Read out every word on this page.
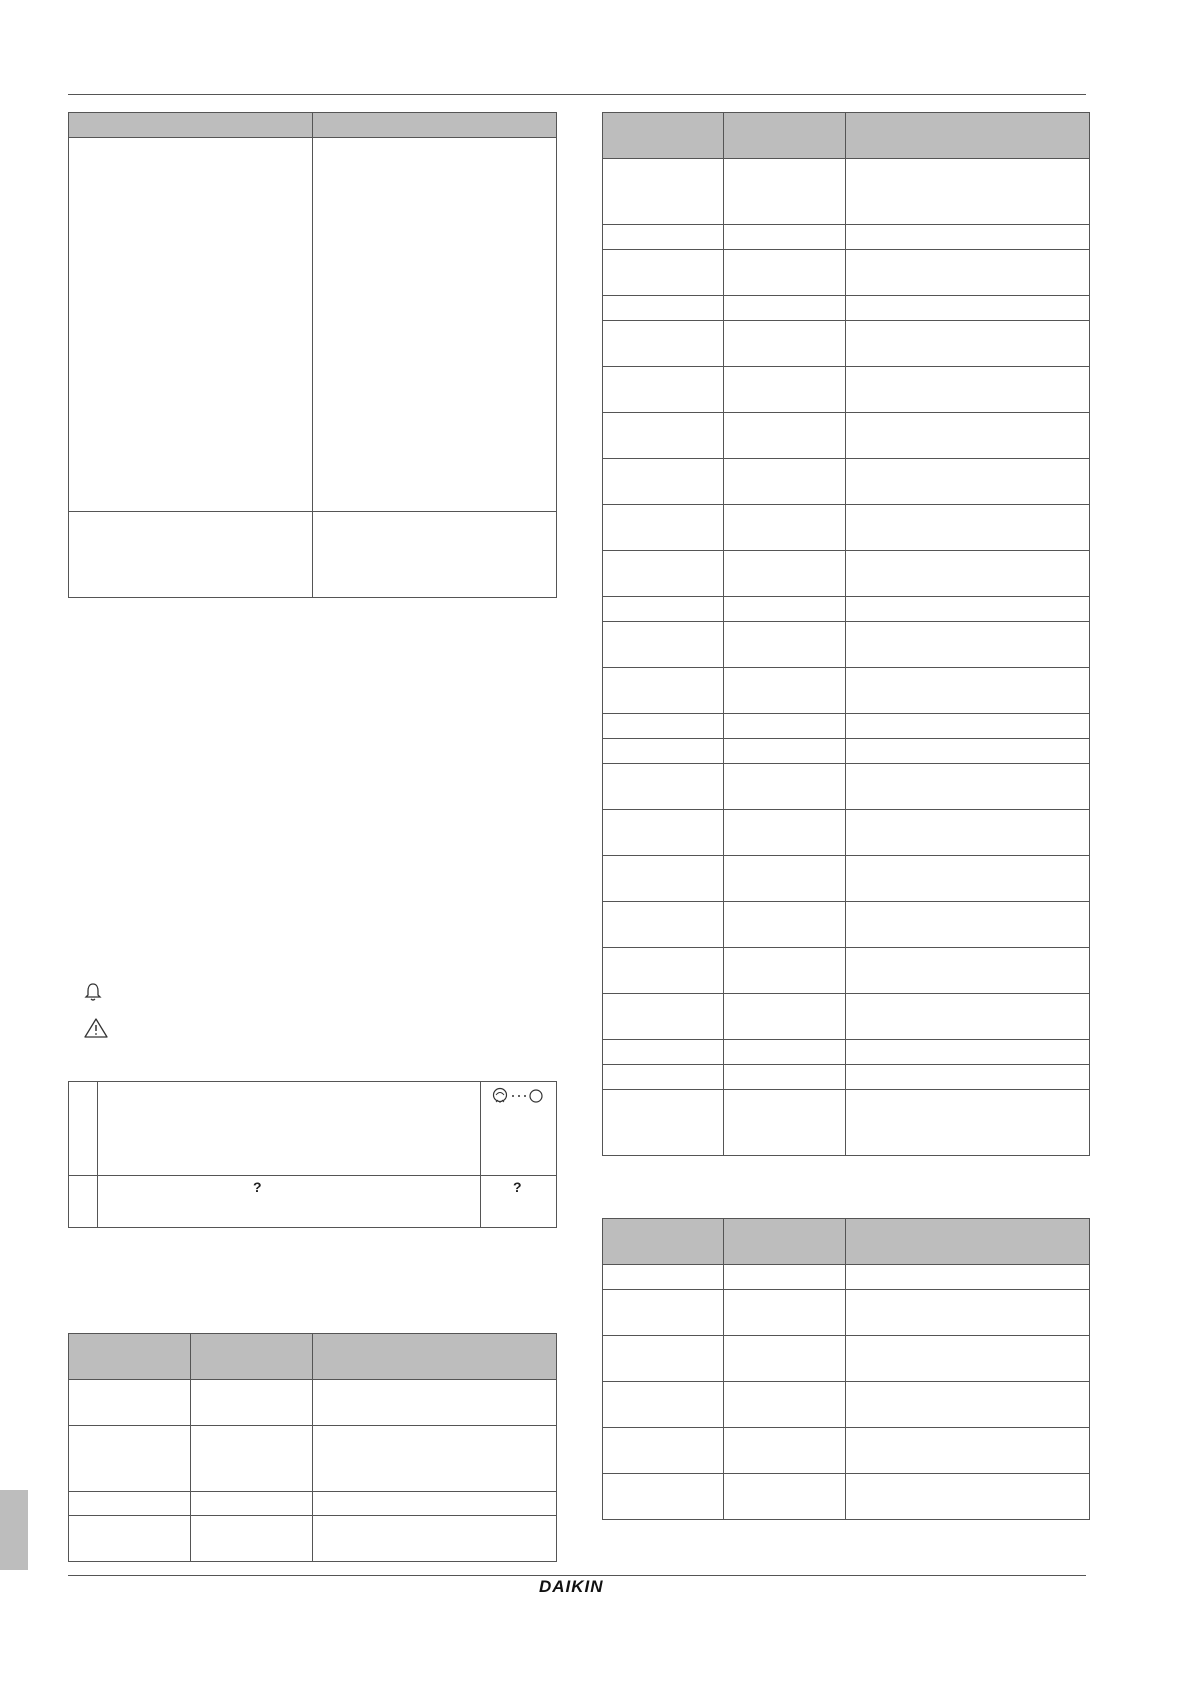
	?	?

DAIKIN
